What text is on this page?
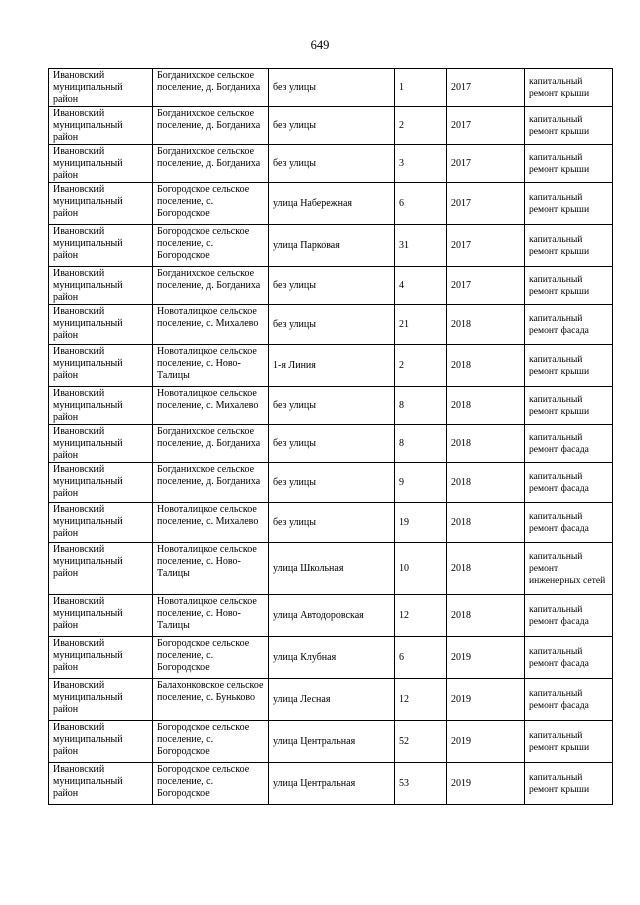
649
Ивановский муниципальный район	Богданихское сельское поселение, д. Богданиха	без улицы	1	2017	капитальный ремонт крыши
Ивановский муниципальный район	Богданихское сельское поселение, д. Богданиха	без улицы	2	2017	капитальный ремонт крыши
Ивановский муниципальный район	Богданихское сельское поселение, д. Богданиха	без улицы	3	2017	капитальный ремонт крыши
Ивановский муниципальный район	Богородское сельское поселение, с. Богородское	улица Набережная	6	2017	капитальный ремонт крыши
Ивановский муниципальный район	Богородское сельское поселение, с. Богородское	улица Парковая	31	2017	капитальный ремонт крыши
Ивановский муниципальный район	Богданихское сельское поселение, д. Богданиха	без улицы	4	2017	капитальный ремонт крыши
Ивановский муниципальный район	Новоталицкое сельское поселение, с. Михалево	без улицы	21	2018	капитальный ремонт фасада
Ивановский муниципальный район	Новоталицкое сельское поселение, с. Ново-Талицы	1-я Линия	2	2018	капитальный ремонт крыши
Ивановский муниципальный район	Новоталицкое сельское поселение, с. Михалево	без улицы	8	2018	капитальный ремонт крыши
Ивановский муниципальный район	Богданихское сельское поселение, д. Богданиха	без улицы	8	2018	капитальный ремонт фасада
Ивановский муниципальный район	Богданихское сельское поселение, д. Богданиха	без улицы	9	2018	капитальный ремонт фасада
Ивановский муниципальный район	Новоталицкое сельское поселение, с. Михалево	без улицы	19	2018	капитальный ремонт фасада
Ивановский муниципальный район	Новоталицкое сельское поселение, с. Ново-Талицы	улица Школьная	10	2018	капитальный ремонт инженерных сетей
Ивановский муниципальный район	Новоталицкое сельское поселение, с. Ново-Талицы	улица Автодоровская	12	2018	капитальный ремонт фасада
Ивановский муниципальный район	Богородское сельское поселение, с. Богородское	улица Клубная	6	2019	капитальный ремонт фасада
Ивановский муниципальный район	Балахонковское сельское поселение, с. Буньково	улица Лесная	12	2019	капитальный ремонт фасада
Ивановский муниципальный район	Богородское сельское поселение, с. Богородское	улица Центральная	52	2019	капитальный ремонт крыши
Ивановский муниципальный район	Богородское сельское поселение, с. Богородское	улица Центральная	53	2019	капитальный ремонт крыши
